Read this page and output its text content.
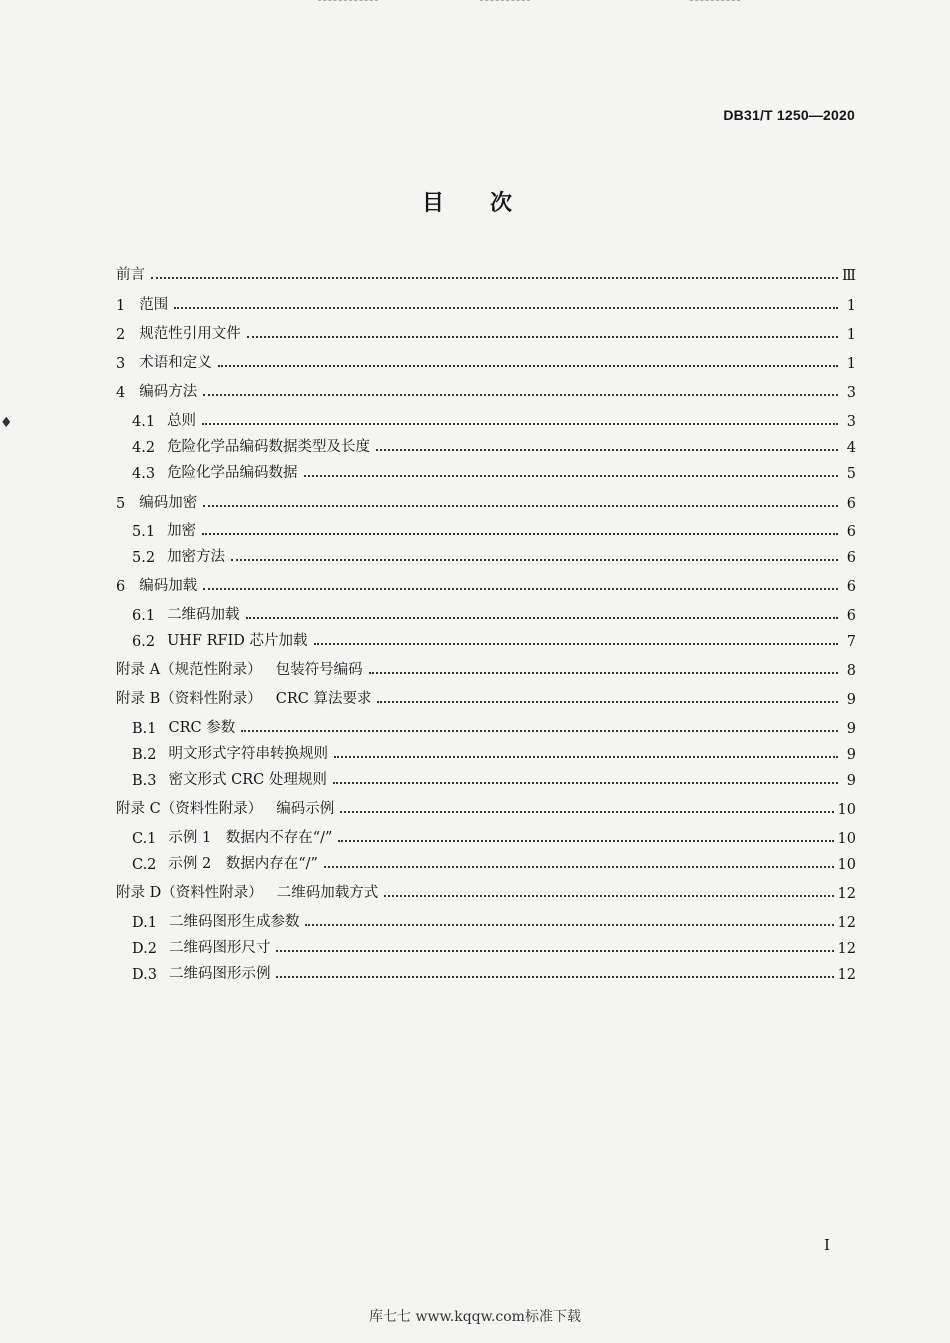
♦
DB31/T 1250—2020
目次
前言	Ⅲ
1 范围	1
2 规范性引用文件	1
3 术语和定义	1
4 编码方法	3
4.1 总则	3
4.2 危险化学品编码数据类型及长度	4
4.3 危险化学品编码数据	5
5 编码加密	6
5.1 加密	6
5.2 加密方法	6
6 编码加载	6
6.1 二维码加载	6
6.2 UHF RFID 芯片加载	7
附录 A（规范性附录） 包装符号编码	8
附录 B（资料性附录） CRC 算法要求	9
B.1 CRC 参数	9
B.2 明文形式字符串转换规则	9
B.3 密文形式 CRC 处理规则	9
附录 C（资料性附录） 编码示例	10
C.1 示例 1　数据内不存在“/”	10
C.2 示例 2　数据内存在“/”	10
附录 D（资料性附录） 二维码加载方式	12
D.1 二维码图形生成参数	12
D.2 二维码图形尺寸	12
D.3 二维码图形示例	12
I
库七七 www.kqqw.com标准下载
